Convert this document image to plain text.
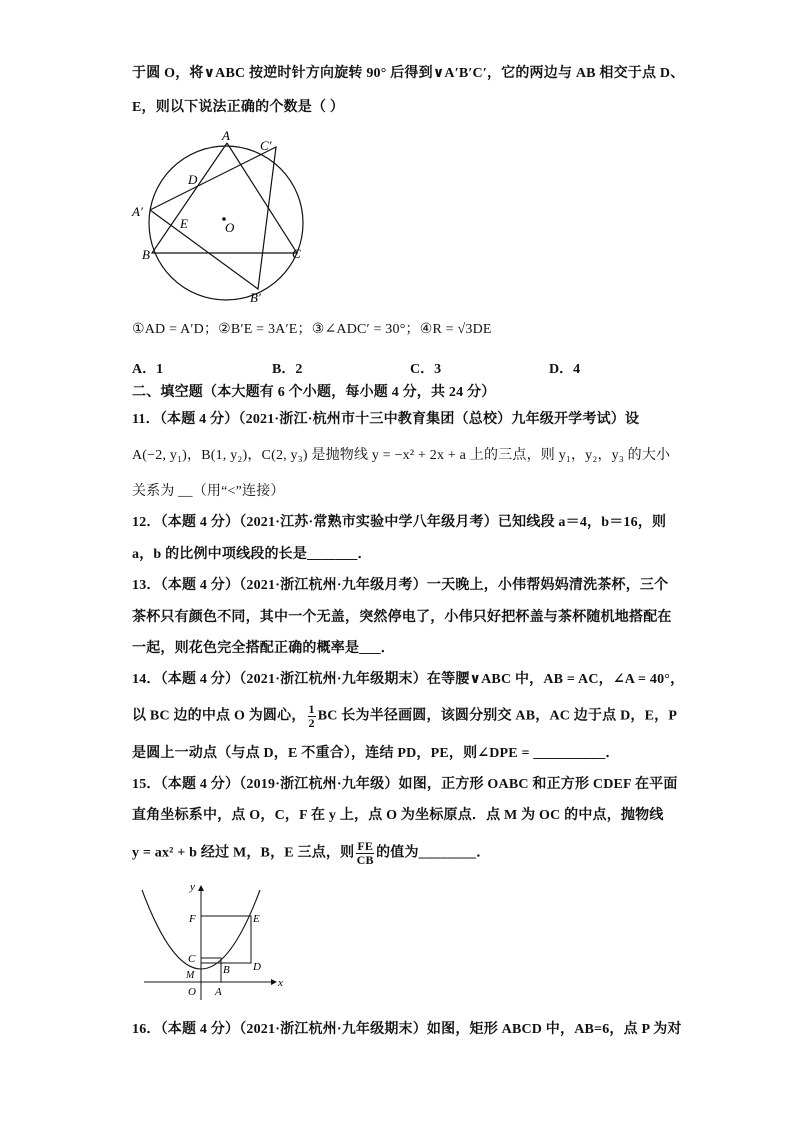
于圆 O，将∨ABC 按逆时针方向旋转 90° 后得到∨A′B′C′，它的两边与 AB 相交于点 D、
E，则以下说法正确的个数是（ ）
A
C′
D
A′
E	O
B	C
B′
①AD = A′D；②B′E = 3A′E；③∠ADC′ = 30°；④R = √3DE
A．1	B．2	C．3	D．4
二、填空题（本大题有 6 个小题，每小题 4 分，共 24 分）
11．（本题 4 分）（2021·浙江·杭州市十三中教育集团（总校）九年级开学考试）设
A(−2, y₁)，B(1, y₂)，C(2, y₃) 是抛物线 y = −x² + 2x + a 上的三点，则 y₁，y₂，y₃ 的大小
关系为 __（用“<”连接）
12．（本题 4 分）（2021·江苏·常熟市实验中学八年级月考）已知线段 a＝4，b＝16，则
a，b 的比例中项线段的长是_______．
13．（本题 4 分）（2021·浙江杭州·九年级月考）一天晚上，小伟帮妈妈清洗茶杯，三个
茶杯只有颜色不同，其中一个无盖，突然停电了，小伟只好把杯盖与茶杯随机地搭配在
一起，则花色完全搭配正确的概率是___．
14．（本题 4 分）（2021·浙江杭州·九年级期末）在等腰∨ABC 中，AB = AC，∠A = 40°，
以 BC 边的中点 O 为圆心， $\frac{1}{2}$ BC 长为半径画圆，该圆分别交 AB，AC 边于点 D，E，P
是圆上一动点（与点 D，E 不重合），连结 PD，PE，则∠DPE = __________．
15．（本题 4 分）（2019·浙江杭州·九年级）如图，正方形 OABC 和正方形 CDEF 在平面
直角坐标系中，点 O，C，F 在 y 上，点 O 为坐标原点．点 M 为 OC 的中点，抛物线
y = ax² + b 经过 M，B，E 三点，则 $\frac{FE}{CB}$ 的值为________．
y
x
F	E
C
B D
M
O A
16．（本题 4 分）（2021·浙江杭州·九年级期末）如图，矩形 ABCD 中，AB=6，点 P 为对
